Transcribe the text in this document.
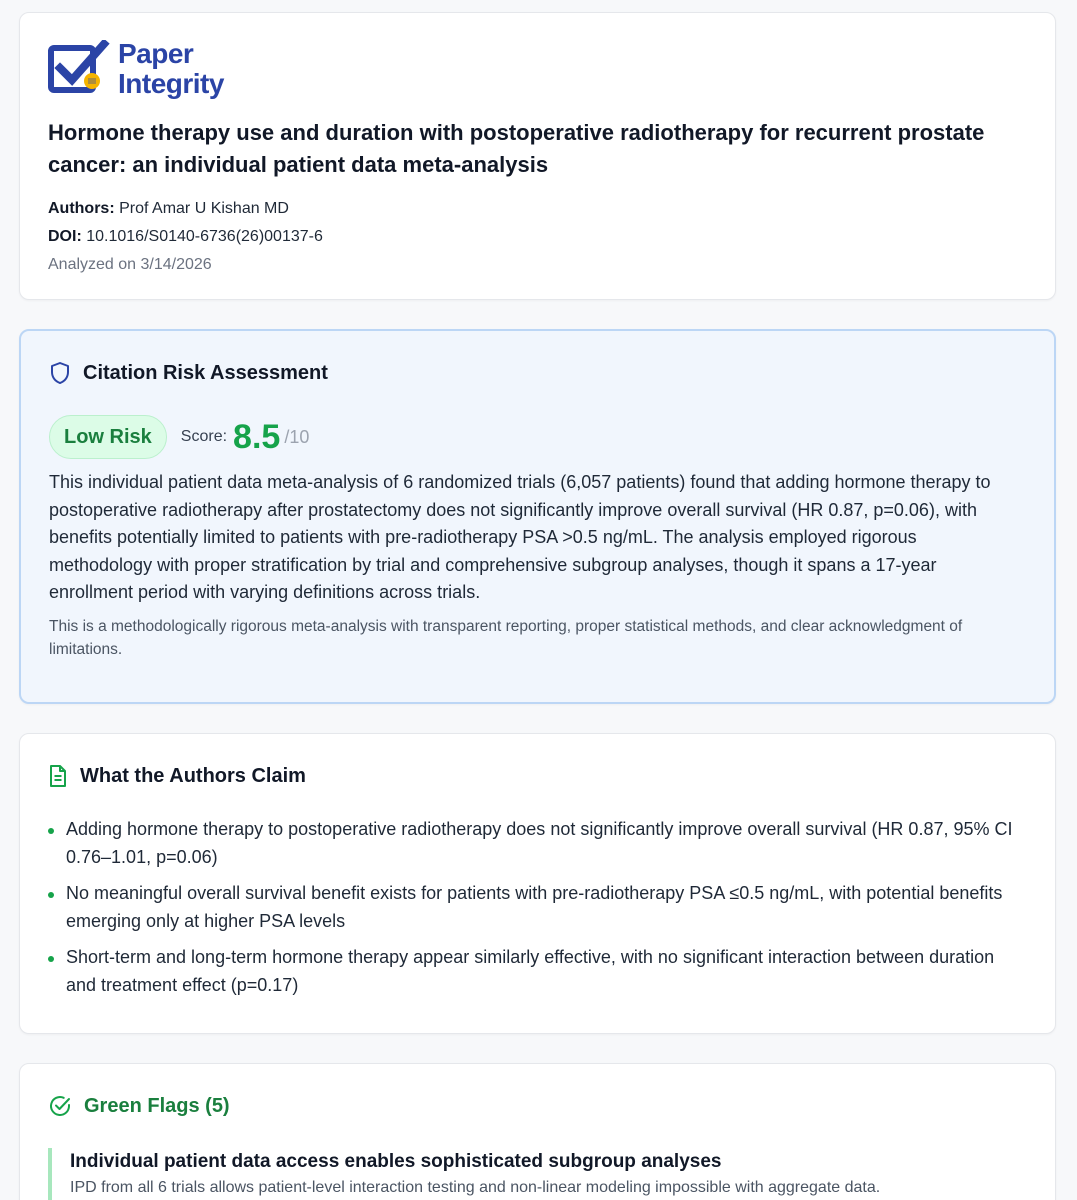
Paper
Integrity
Hormone therapy use and duration with postoperative radiotherapy for recurrent prostate cancer: an individual patient data meta-analysis
Authors: Prof Amar U Kishan MD
DOI: 10.1016/S0140-6736(26)00137-6
Analyzed on 3/14/2026
Citation Risk Assessment
Low Risk	Score: 8.5 /10

This individual patient data meta-analysis of 6 randomized trials (6,057 patients) found that adding hormone therapy to postoperative radiotherapy after prostatectomy does not significantly improve overall survival (HR 0.87, p=0.06), with benefits potentially limited to patients with pre-radiotherapy PSA >0.5 ng/mL. The analysis employed rigorous methodology with proper stratification by trial and comprehensive subgroup analyses, though it spans a 17-year enrollment period with varying definitions across trials.

This is a methodologically rigorous meta-analysis with transparent reporting, proper statistical methods, and clear acknowledgment of limitations.

What the Authors Claim
Adding hormone therapy to postoperative radiotherapy does not significantly improve overall survival (HR 0.87, 95% CI 0.76–1.01, p=0.06)
No meaningful overall survival benefit exists for patients with pre-radiotherapy PSA ≤0.5 ng/mL, with potential benefits emerging only at higher PSA levels
Short-term and long-term hormone therapy appear similarly effective, with no significant interaction between duration and treatment effect (p=0.17)
Green Flags (5)
Individual patient data access enables sophisticated subgroup analyses
IPD from all 6 trials allows patient-level interaction testing and non-linear modeling impossible with aggregate data.
